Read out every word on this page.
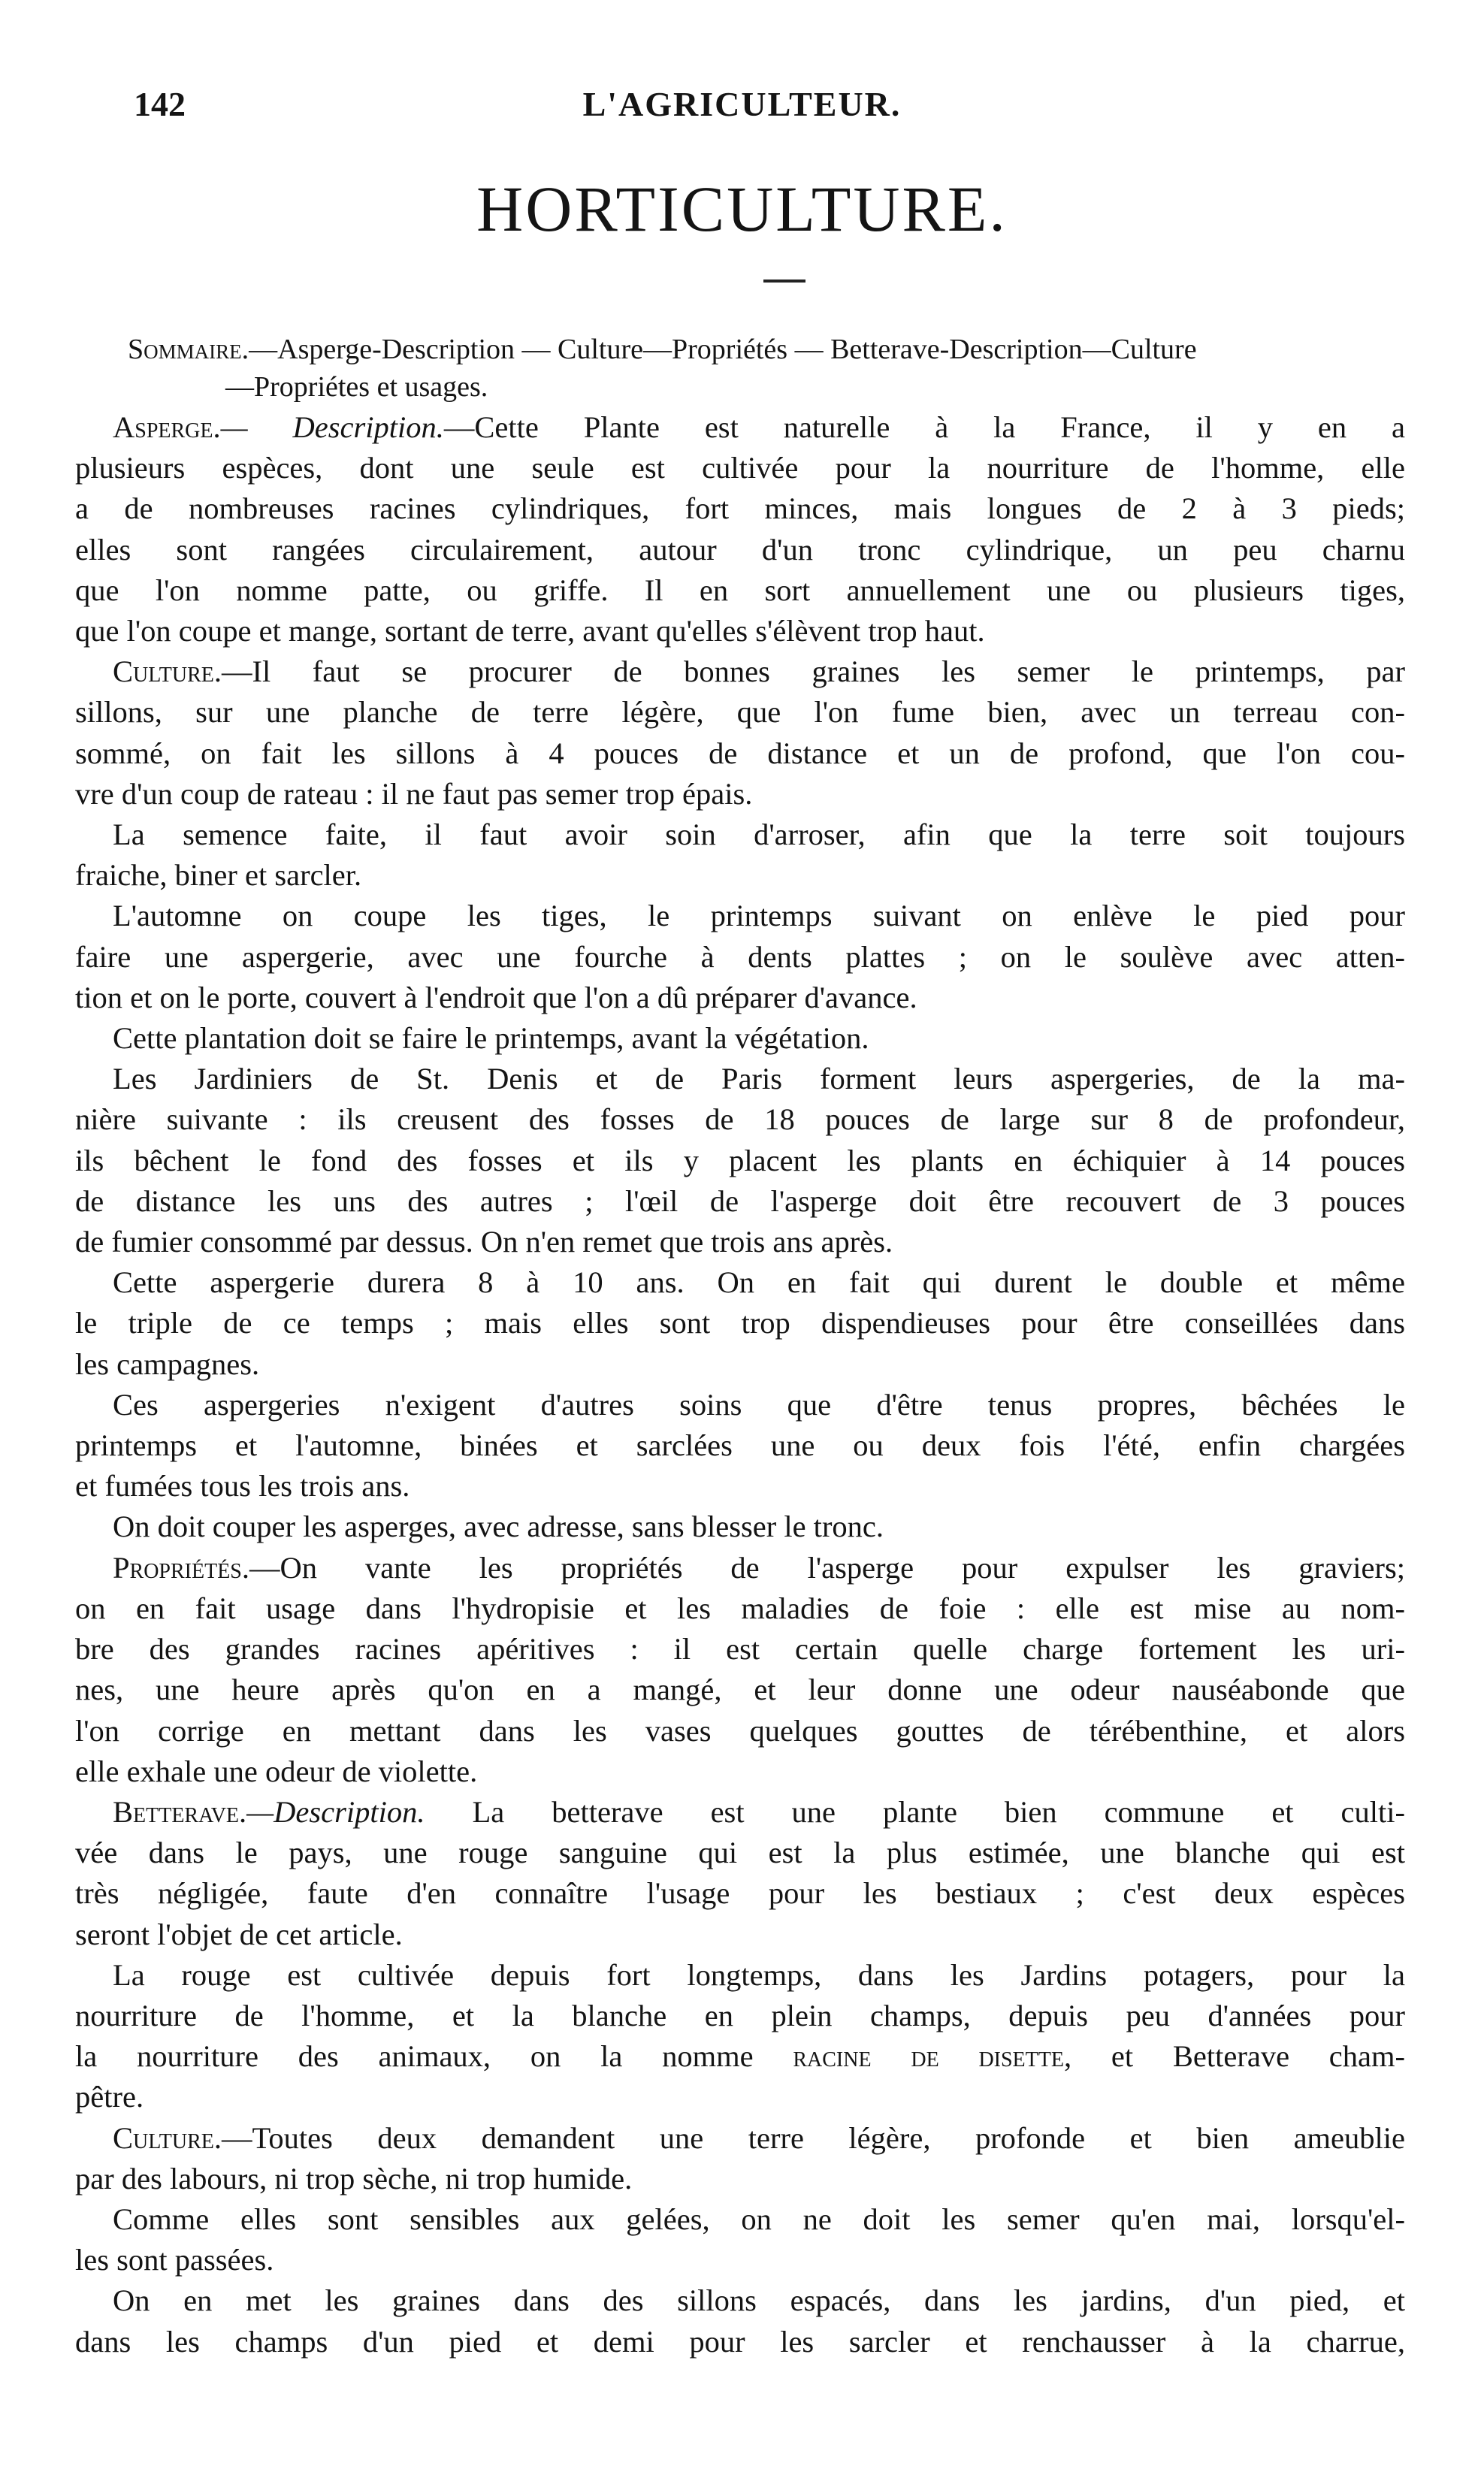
142	L'AGRICULTEUR.
HORTICULTURE.
Sommaire.—Asperge-Description — Culture—Propriétés — Betterave-Description—Culture
—Propriétes et usages.
Asperge.— Description.—Cette Plante est naturelle à la France, il y en a
plusieurs espèces, dont une seule est cultivée pour la nourriture de l'homme, elle
a de nombreuses racines cylindriques, fort minces, mais longues de 2 à 3 pieds;
elles sont rangées circulairement, autour d'un tronc cylindrique, un peu charnu
que l'on nomme patte, ou griffe. Il en sort annuellement une ou plusieurs tiges,
que l'on coupe et mange, sortant de terre, avant qu'elles s'élèvent trop haut.
Culture.—Il faut se procurer de bonnes graines les semer le printemps, par
sillons, sur une planche de terre légère, que l'on fume bien, avec un terreau con-
sommé, on fait les sillons à 4 pouces de distance et un de profond, que l'on cou-
vre d'un coup de rateau : il ne faut pas semer trop épais.
La semence faite, il faut avoir soin d'arroser, afin que la terre soit toujours
fraiche, biner et sarcler.
L'automne on coupe les tiges, le printemps suivant on enlève le pied pour
faire une aspergerie, avec une fourche à dents plattes ; on le soulève avec atten-
tion et on le porte, couvert à l'endroit que l'on a dû préparer d'avance.
Cette plantation doit se faire le printemps, avant la végétation.
Les Jardiniers de St. Denis et de Paris forment leurs aspergeries, de la ma-
nière suivante : ils creusent des fosses de 18 pouces de large sur 8 de profondeur,
ils bêchent le fond des fosses et ils y placent les plants en échiquier à 14 pouces
de distance les uns des autres ; l'œil de l'asperge doit être recouvert de 3 pouces
de fumier consommé par dessus. On n'en remet que trois ans après.
Cette aspergerie durera 8 à 10 ans. On en fait qui durent le double et même
le triple de ce temps ; mais elles sont trop dispendieuses pour être conseillées dans
les campagnes.
Ces aspergeries n'exigent d'autres soins que d'être tenus propres, bêchées le
printemps et l'automne, binées et sarclées une ou deux fois l'été, enfin chargées
et fumées tous les trois ans.
On doit couper les asperges, avec adresse, sans blesser le tronc.
Propriétés.—On vante les propriétés de l'asperge pour expulser les graviers;
on en fait usage dans l'hydropisie et les maladies de foie : elle est mise au nom-
bre des grandes racines apéritives : il est certain quelle charge fortement les uri-
nes, une heure après qu'on en a mangé, et leur donne une odeur nauséabonde que
l'on corrige en mettant dans les vases quelques gouttes de térébenthine, et alors
elle exhale une odeur de violette.
Betterave.—Description. La betterave est une plante bien commune et culti-
vée dans le pays, une rouge sanguine qui est la plus estimée, une blanche qui est
très négligée, faute d'en connaître l'usage pour les bestiaux ; c'est deux espèces
seront l'objet de cet article.
La rouge est cultivée depuis fort longtemps, dans les Jardins potagers, pour la
nourriture de l'homme, et la blanche en plein champs, depuis peu d'années pour
la nourriture des animaux, on la nomme racine de disette, et Betterave cham-
pêtre.
Culture.—Toutes deux demandent une terre légère, profonde et bien ameublie
par des labours, ni trop sèche, ni trop humide.
Comme elles sont sensibles aux gelées, on ne doit les semer qu'en mai, lorsqu'el-
les sont passées.
On en met les graines dans des sillons espacés, dans les jardins, d'un pied, et
dans les champs d'un pied et demi pour les sarcler et renchausser à la charrue,
